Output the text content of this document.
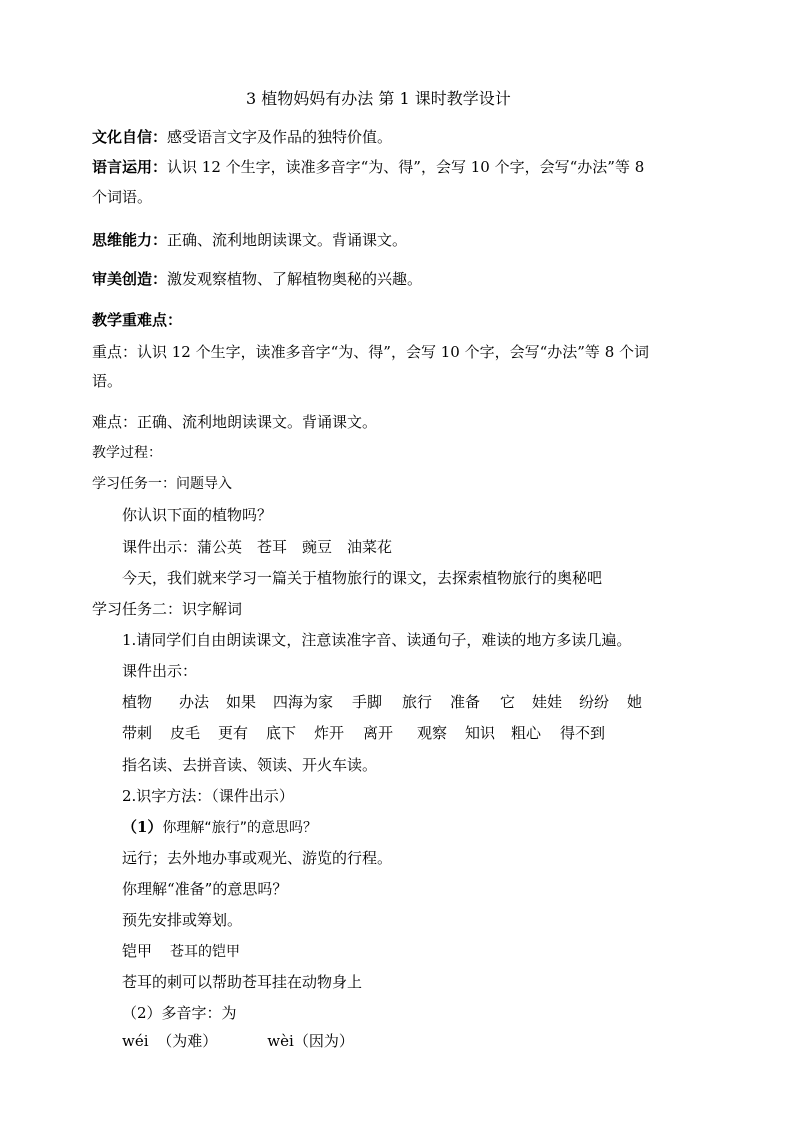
3 植物妈妈有办法 第 1 课时教学设计
文化自信：感受语言文字及作品的独特价值。
语言运用：认识 12 个生字，读准多音字“为、得”，会写 10 个字，会写“办法”等 8
个词语。
思维能力：正确、流利地朗读课文。背诵课文。
审美创造：激发观察植物、了解植物奥秘的兴趣。
教学重难点：
重点：认识 12 个生字，读准多音字“为、得”，会写 10 个字，会写“办法”等 8 个词
语。
难点：正确、流利地朗读课文。背诵课文。
教学过程：
学习任务一：问题导入
你认识下面的植物吗？
课件出示：蒲公英　苍耳　豌豆　油菜花
今天，我们就来学习一篇关于植物旅行的课文，去探索植物旅行的奥秘吧
学习任务二：识字解词
1.请同学们自由朗读课文，注意读准字音、读通句子，难读的地方多读几遍。
课件出示：
植物 办法 如果 四海为家 手脚 旅行 准备 它 娃娃 纷纷 她
带刺 皮毛 更有 底下 炸开 离开 观察 知识 粗心 得不到
指名读、去拼音读、领读、开火车读。
2.识字方法：（课件出示）
（1）你理解“旅行”的意思吗？
远行；去外地办事或观光、游览的行程。
你理解“准备”的意思吗？
预先安排或筹划。
铠甲 苍耳的铠甲
苍耳的刺可以帮助苍耳挂在动物身上
（2）多音字：为
wéi （为难）	wèi（因为）
